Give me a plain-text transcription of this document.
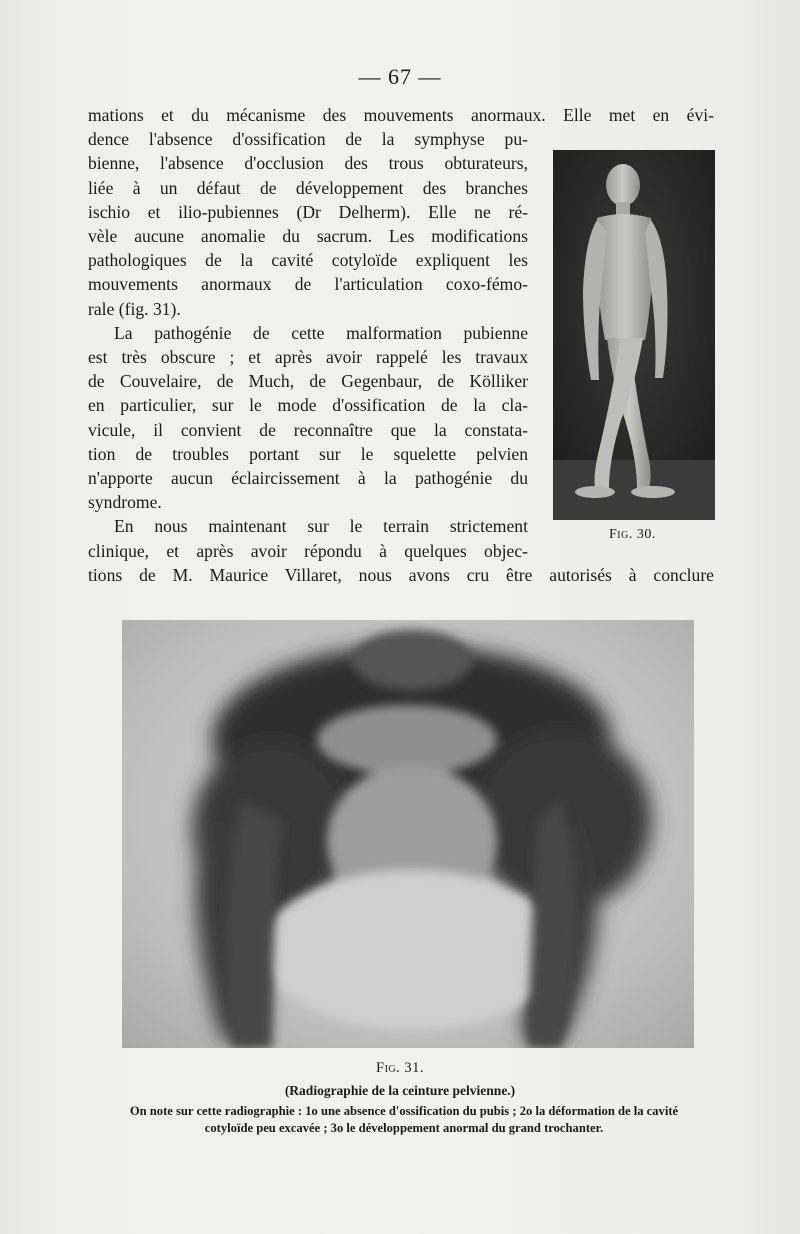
— 67 —
mations et du mécanisme des mouvements anormaux. Elle met en évi-
dence l'absence d'ossification de la symphyse pu-
bienne, l'absence d'occlusion des trous obturateurs,
liée à un défaut de développement des branches
ischio et ilio-pubiennes (Dr Delherm). Elle ne ré-
vèle aucune anomalie du sacrum. Les modifications
pathologiques de la cavité cotyloïde expliquent les
mouvements anormaux de l'articulation coxo-fémo-
rale (fig. 31).
La pathogénie de cette malformation pubienne
est très obscure ; et après avoir rappelé les travaux
de Couvelaire, de Much, de Gegenbaur, de Kölliker
en particulier, sur le mode d'ossification de la cla-
vicule, il convient de reconnaître que la constata-
tion de troubles portant sur le squelette pelvien
n'apporte aucun éclaircissement à la pathogénie du
syndrome.
En nous maintenant sur le terrain strictement
clinique, et après avoir répondu à quelques objec-
tions de M. Maurice Villaret, nous avons cru être autorisés à conclure
Fig. 30.
Fig. 31.
(Radiographie de la ceinture pelvienne.)
On note sur cette radiographie : 1o une absence d'ossification du pubis ; 2o la déformation de la cavité
cotyloïde peu excavée ; 3o le développement anormal du grand trochanter.
